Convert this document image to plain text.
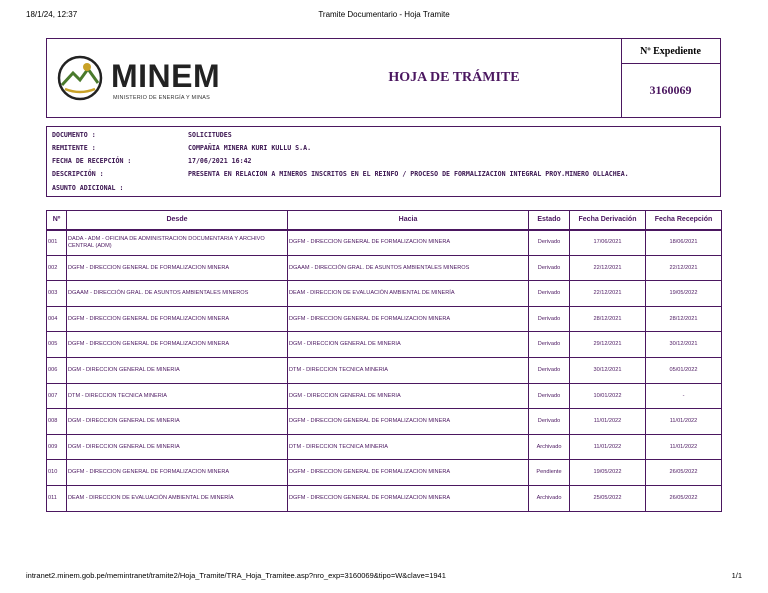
18/1/24, 12:37	Tramite Documentario - Hoja Tramite
MINEM
MINISTERIO DE ENERGÍA Y MINAS
HOJA DE TRÁMITE
Nº Expediente
3160069
DOCUMENTO :	SOLICITUDES
REMITENTE :	COMPAÑIA MINERA KURI KULLU S.A.
FECHA DE RECEPCIÓN :	17/06/2021 16:42
DESCRIPCIÓN :	PRESENTA EN RELACION A MINEROS INSCRITOS EN EL REINFO / PROCESO DE FORMALIZACION INTEGRAL PROY.MINERO OLLACHEA.
ASUNTO ADICIONAL :
Nº	Desde	Hacia	Estado	Fecha Derivación	Fecha Recepción
001	DADA - ADM - OFICINA DE ADMINISTRACION DOCUMENTARIA Y ARCHIVO CENTRAL (ADM)	DGFM - DIRECCION GENERAL DE FORMALIZACION MINERA	Derivado	17/06/2021	18/06/2021
002	DGFM - DIRECCION GENERAL DE FORMALIZACION MINERA	DGAAM - DIRECCIÓN GRAL. DE ASUNTOS AMBIENTALES MINEROS	Derivado	22/12/2021	22/12/2021
003	DGAAM - DIRECCIÓN GRAL. DE ASUNTOS AMBIENTALES MINEROS	DEAM - DIRECCION DE EVALUACIÓN AMBIENTAL DE MINERÍA	Derivado	22/12/2021	19/05/2022
004	DGFM - DIRECCION GENERAL DE FORMALIZACION MINERA	DGFM - DIRECCION GENERAL DE FORMALIZACION MINERA	Derivado	28/12/2021	28/12/2021
005	DGFM - DIRECCION GENERAL DE FORMALIZACION MINERA	DGM - DIRECCION GENERAL DE MINERIA	Derivado	29/12/2021	30/12/2021
006	DGM - DIRECCION GENERAL DE MINERIA	DTM - DIRECCION TECNICA MINERIA	Derivado	30/12/2021	05/01/2022
007	DTM - DIRECCION TECNICA MINERIA	DGM - DIRECCION GENERAL DE MINERIA	Derivado	10/01/2022	-
008	DGM - DIRECCION GENERAL DE MINERIA	DGFM - DIRECCION GENERAL DE FORMALIZACION MINERA	Derivado	11/01/2022	11/01/2022
009	DGM - DIRECCION GENERAL DE MINERIA	DTM - DIRECCION TECNICA MINERIA	Archivado	11/01/2022	11/01/2022
010	DGFM - DIRECCION GENERAL DE FORMALIZACION MINERA	DGFM - DIRECCION GENERAL DE FORMALIZACION MINERA	Pendiente	19/05/2022	26/05/2022
011	DEAM - DIRECCION DE EVALUACIÓN AMBIENTAL DE MINERÍA	DGFM - DIRECCION GENERAL DE FORMALIZACION MINERA	Archivado	25/05/2022	26/05/2022
intranet2.minem.gob.pe/memintranet/tramite2/Hoja_Tramite/TRA_Hoja_Tramitee.asp?nro_exp=3160069&tipo=W&clave=1941	1/1
